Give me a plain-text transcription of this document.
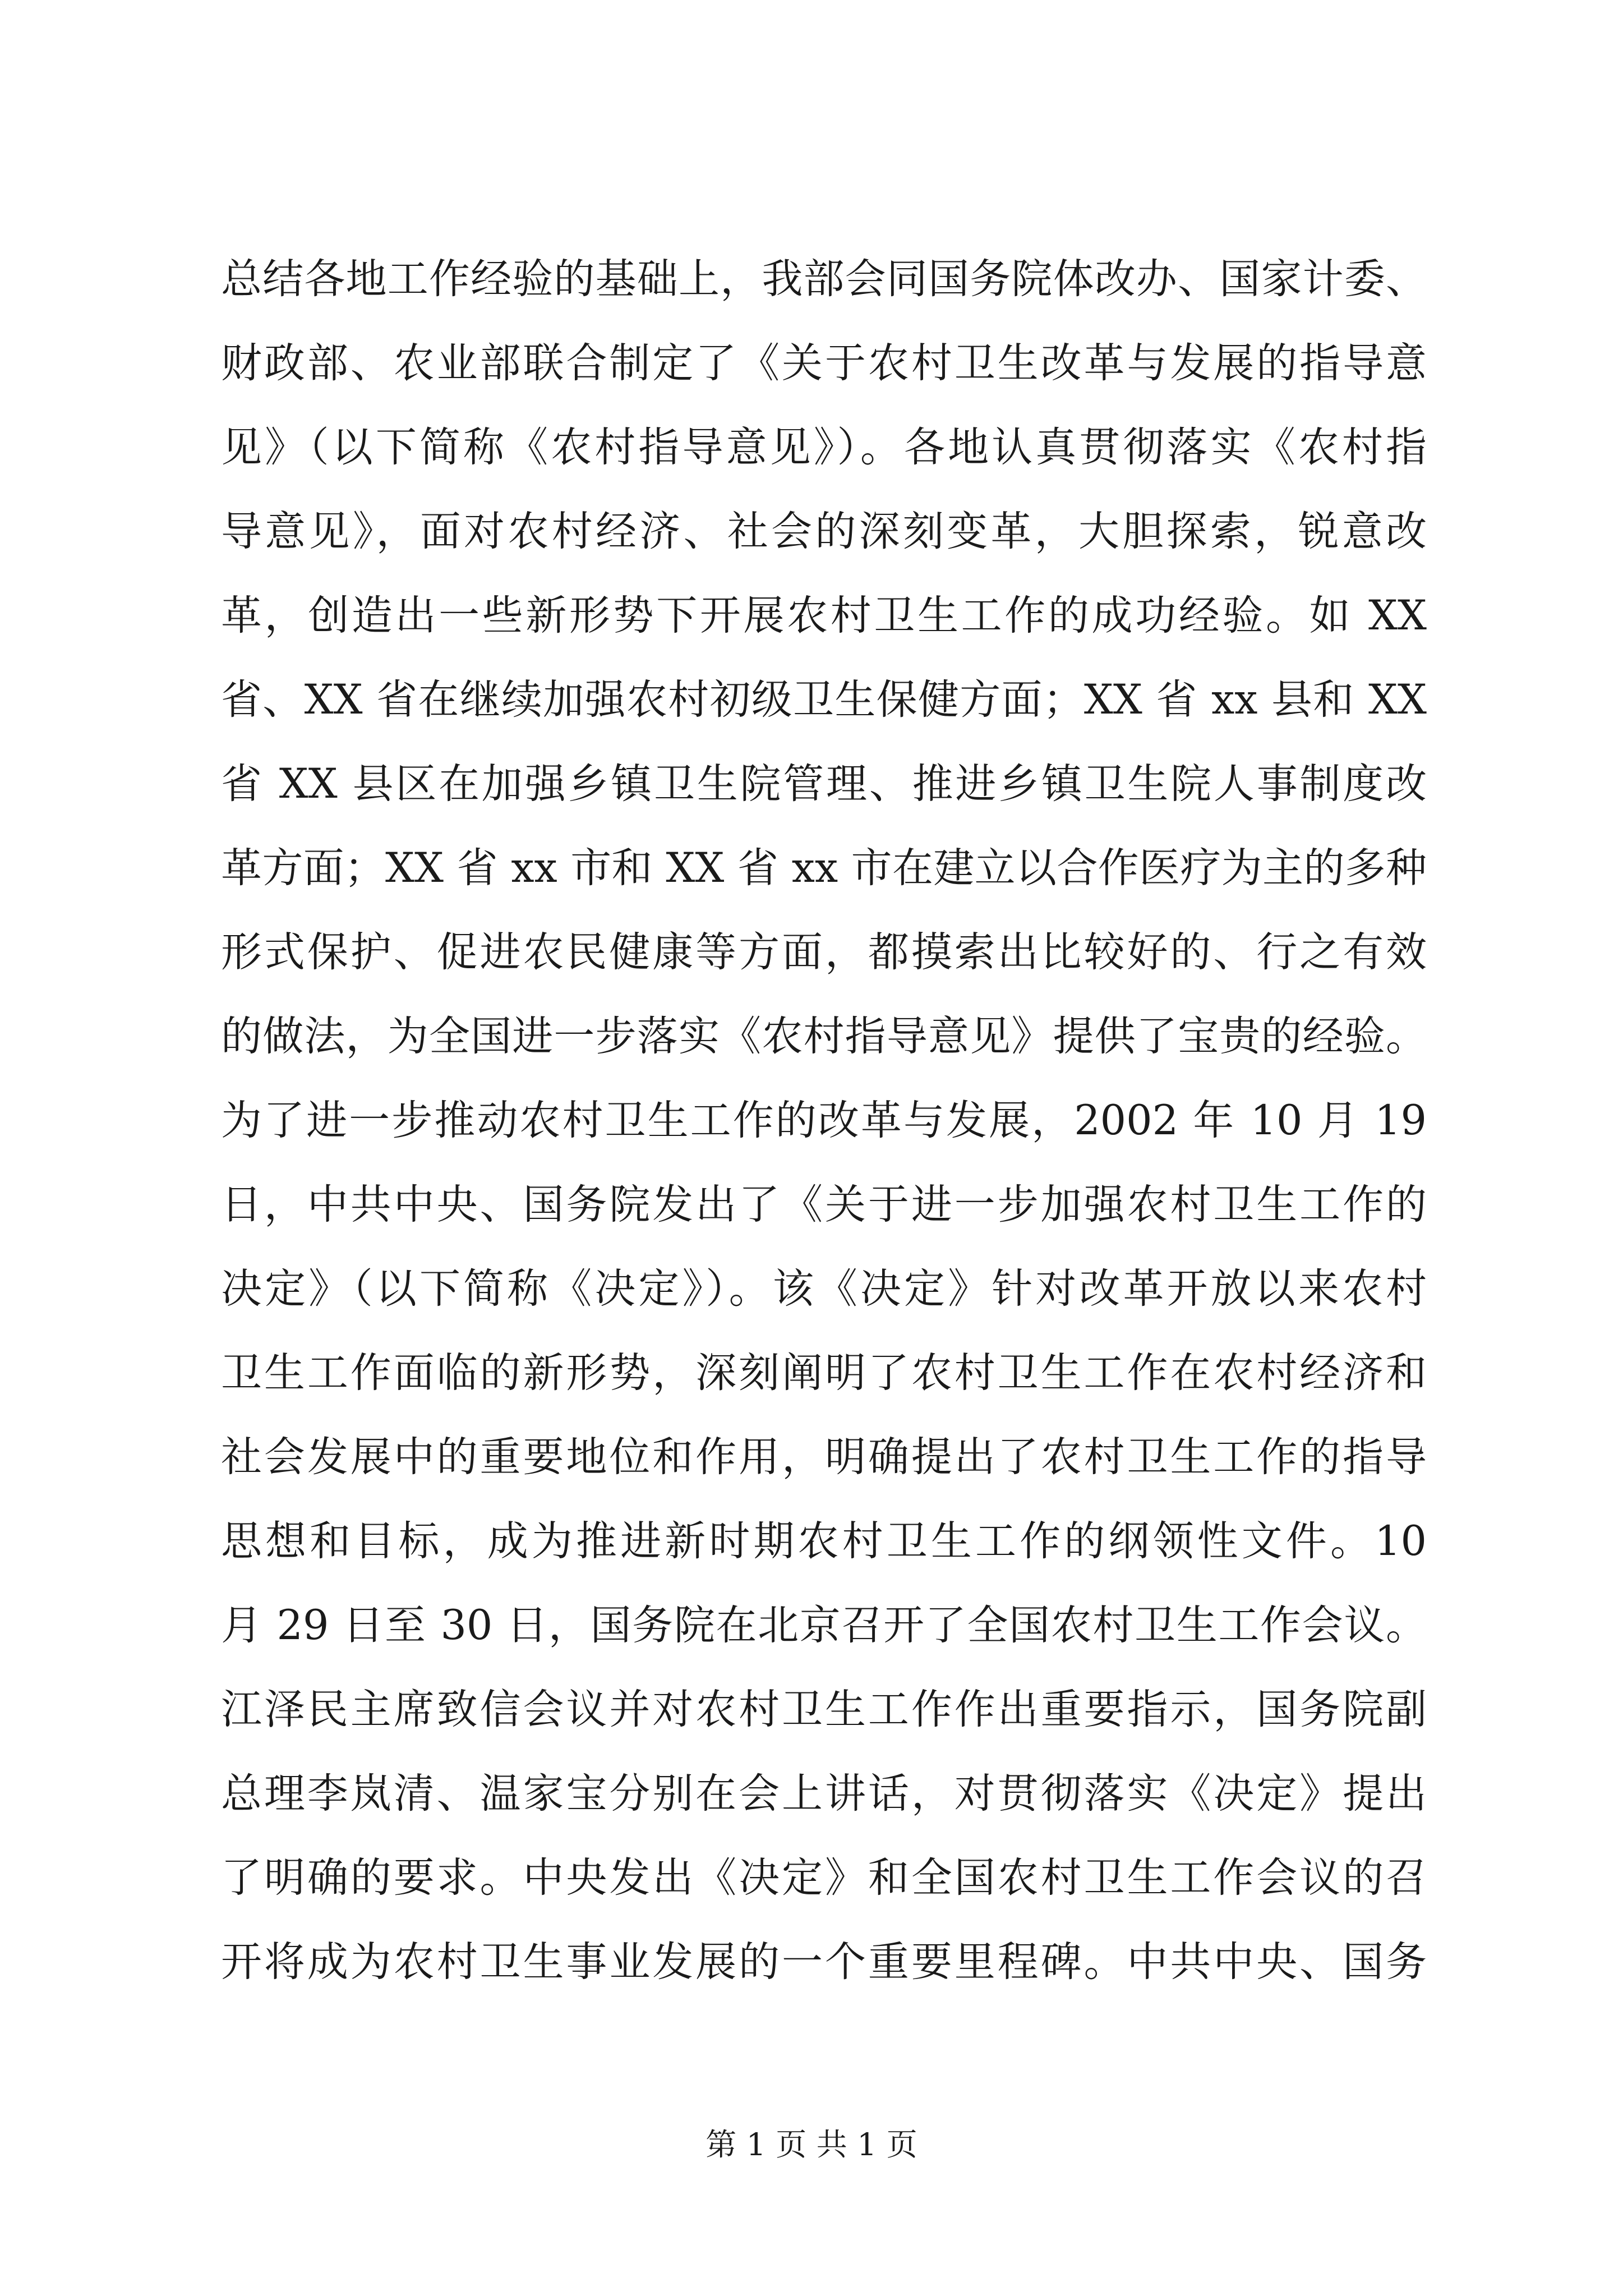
总结各地工作经验的基础上，我部会同国务院体改办、国家计委、
财政部、农业部联合制定了《关于农村卫生改革与发展的指导意
见》（以下简称《农村指导意见》）。各地认真贯彻落实《农村指
导意见》，面对农村经济、社会的深刻变革，大胆探索，锐意改
革，创造出一些新形势下开展农村卫生工作的成功经验。如 XX
省、XX 省在继续加强农村初级卫生保健方面；XX 省 xx 县和 XX
省 XX 县区在加强乡镇卫生院管理、推进乡镇卫生院人事制度改
革方面；XX 省 xx 市和 XX 省 xx 市在建立以合作医疗为主的多种
形式保护、促进农民健康等方面，都摸索出比较好的、行之有效
的做法，为全国进一步落实《农村指导意见》提供了宝贵的经验。
为了进一步推动农村卫生工作的改革与发展，2002 年 10 月 19
日，中共中央、国务院发出了《关于进一步加强农村卫生工作的
决定》（以下简称《决定》）。该《决定》针对改革开放以来农村
卫生工作面临的新形势，深刻阐明了农村卫生工作在农村经济和
社会发展中的重要地位和作用，明确提出了农村卫生工作的指导
思想和目标，成为推进新时期农村卫生工作的纲领性文件。10
月 29 日至 30 日，国务院在北京召开了全国农村卫生工作会议。
江泽民主席致信会议并对农村卫生工作作出重要指示，国务院副
总理李岚清、温家宝分别在会上讲话，对贯彻落实《决定》提出
了明确的要求。中央发出《决定》和全国农村卫生工作会议的召
开将成为农村卫生事业发展的一个重要里程碑。中共中央、国务
第 1 页 共 1 页
